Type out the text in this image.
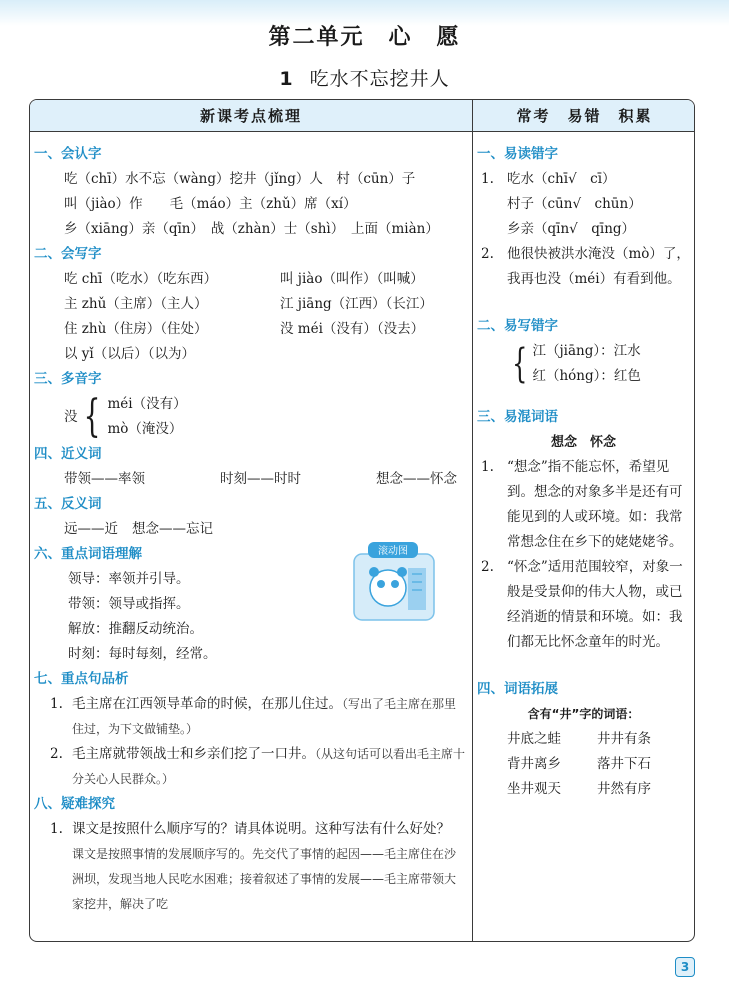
第二单元　心　愿
1 吃水不忘挖井人
新课考点梳理
一、会认字
吃（chī）水不忘（wàng）挖井（jǐng）人　村（cūn）子
叫（jiào）作　　毛（máo）主（zhǔ）席（xí）
乡（xiāng）亲（qīn）　战（zhàn）士（shì）　上面（miàn）
二、会写字
吃 chī（吃水）（吃东西）	叫 jiào（叫作）（叫喊）
主 zhǔ（主席）（主人）	江 jiāng（江西）（长江）
住 zhù（住房）（住处）	没 méi（没有）（没去）
以 yǐ（以后）（以为）
三、多音字
没 { méi（没有）
mò（淹没）
四、近义词
带领——率领	时刻——时时	想念——怀念
五、反义词
远——近 想念——忘记
六、重点词语理解
领导：率领并引导。
带领：领导或指挥。
解放：推翻反动统治。
时刻：每时每刻，经常。
七、重点句品析
1. 毛主席在江西领导革命的时候，在那儿住过。（写出了毛主席在那里住过，为下文做铺垫。）
2. 毛主席就带领战士和乡亲们挖了一口井。（从这句话可以看出毛主席十分关心人民群众。）
八、疑难探究
1. 课文是按照什么顺序写的？请具体说明。这种写法有什么好处？
课文是按照事情的发展顺序写的。先交代了事情的起因——毛主席住在沙洲坝，发现当地人民吃水困难；接着叙述了事情的发展——毛主席带领大家挖井，解决了吃
常考　易错　积累
一、易读错字
1. 吃水（chī√　cī）
村子（cūn√　chūn）
乡亲（qīn√　qīng）
2. 他很快被洪水淹没（mò）了，我再也没（méi）有看到他。
二、易写错字
{ 江（jiāng）：江水
红（hóng）：红色
三、易混词语
想念　怀念
1. “想念”指不能忘怀，希望见到。想念的对象多半是还有可能见到的人或环境。如：我常常想念住在乡下的姥姥姥爷。
2. “怀念”适用范围较窄，对象一般是受景仰的伟大人物，或已经消逝的情景和环境。如：我们都无比怀念童年的时光。
四、词语拓展
含有“井”字的词语：
井底之蛙	井井有条
背井离乡	落井下石
坐井观天	井然有序
滚动图
3
